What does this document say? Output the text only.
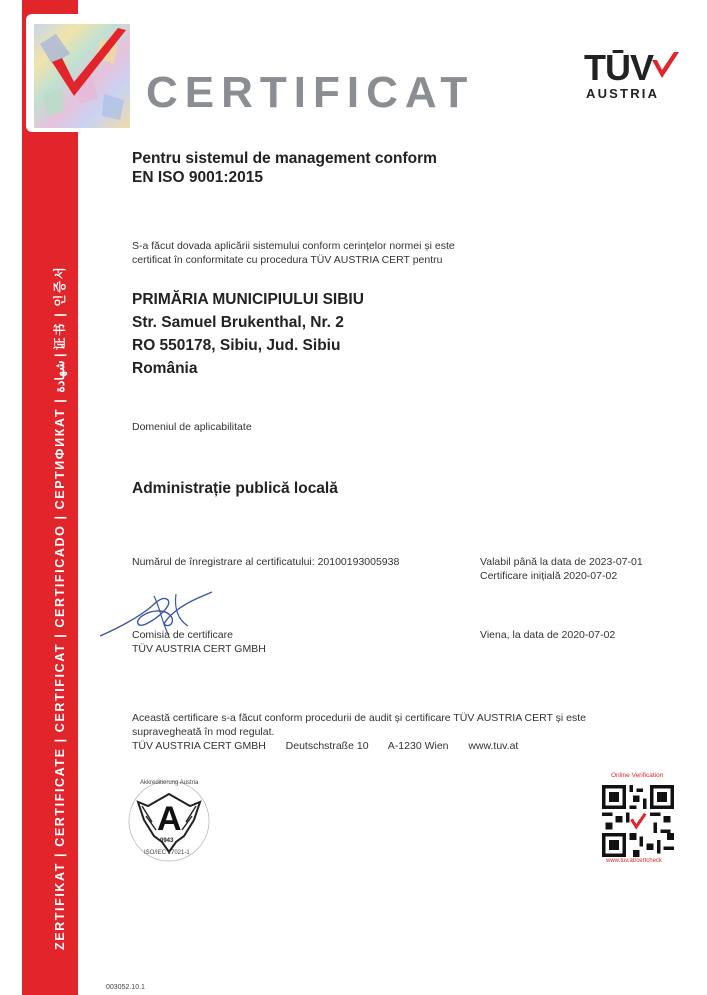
ZERTIFIKAT | CERTIFICATE | CERTIFICAT | CERTIFICADO | СЕРТИФИКАТ | شهادة | 证书 | 인증서
CERTIFICAT
TŪV
AUSTRIA
Pentru sistemul de management conform
EN ISO 9001:2015
S-a făcut dovada aplicării sistemului conform cerințelor normei și este
certificat în conformitate cu procedura TÜV AUSTRIA CERT pentru
PRIMĂRIA MUNICIPIULUI SIBIU
Str. Samuel Brukenthal, Nr. 2
RO 550178, Sibiu, Jud. Sibiu
România
Domeniul de aplicabilitate
Administrație publică locală
Numărul de înregistrare al certificatului: 20100193005938	Valabil până la data de 2023-07-01
Certificare inițială 2020-07-02
Comisia de certificare
TÜV AUSTRIA CERT GMBH
Viena, la data de 2020-07-02
Această certificare s-a făcut conform procedurii de audit și certificare TÜV AUSTRIA CERT și este
supravegheată în mod regulat.
TÜV AUSTRIA CERT GMBH Deutschstraße 10 A-1230 Wien www.tuv.at
Akkreditierung Austria
A
0943
ISO/IEC 17021-1
Online Verification
www.tuv.at/certcheck
003052.10.1
